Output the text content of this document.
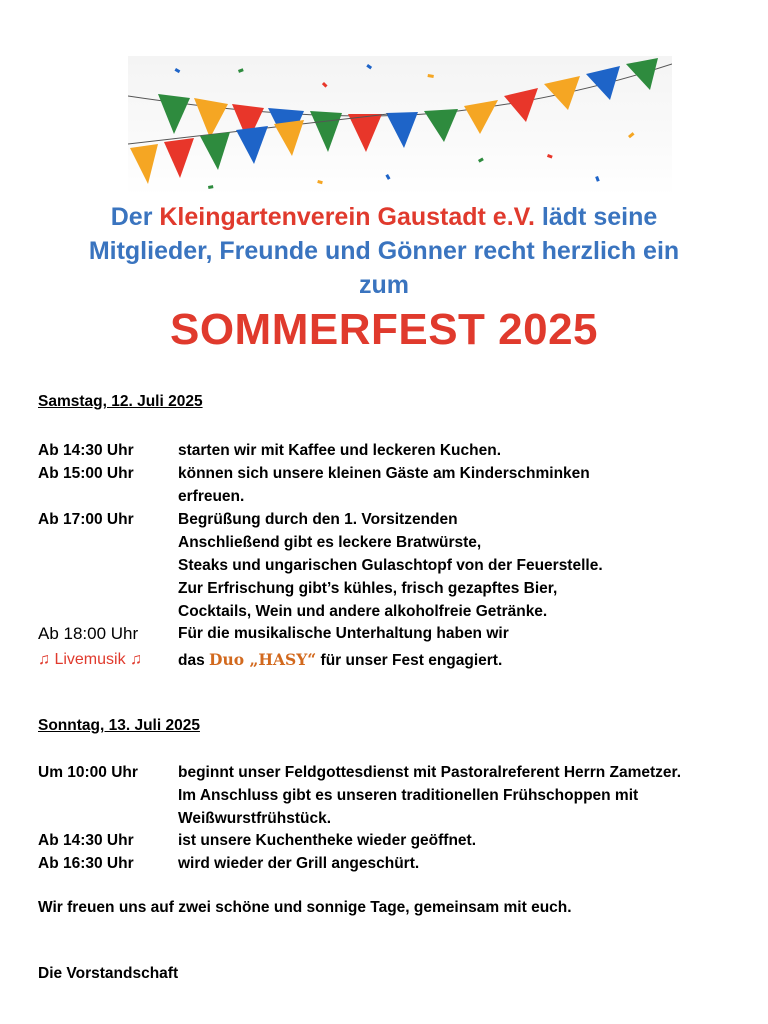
Der Kleingartenverein Gaustadt e.V. lädt seine
Mitglieder, Freunde und Gönner recht herzlich ein
zum
SOMMERFEST 2025
Samstag, 12. Juli 2025
Ab 14:30 Uhr	starten wir mit Kaffee und leckeren Kuchen.
Ab 15:00 Uhr	können sich unsere kleinen Gäste am Kinderschminken
erfreuen.
Ab 17:00 Uhr	Begrüßung durch den 1. Vorsitzenden
Anschließend gibt es leckere Bratwürste,
Steaks und ungarischen Gulaschtopf von der Feuerstelle.
Zur Erfrischung gibt’s kühles, frisch gezapftes Bier,
Cocktails, Wein und andere alkoholfreie Getränke.
Ab 18:00 Uhr	Für die musikalische Unterhaltung haben wir
♫ Livemusik ♫	das Duo „HASY“ für unser Fest engagiert.
Sonntag, 13. Juli 2025
Um 10:00 Uhr	beginnt unser Feldgottesdienst mit Pastoralreferent Herrn Zametzer.
Im Anschluss gibt es unseren traditionellen Frühschoppen mit
Weißwurstfrühstück.
Ab 14:30 Uhr	ist unsere Kuchentheke wieder geöffnet.
Ab 16:30 Uhr	wird wieder der Grill angeschürt.
Wir freuen uns auf zwei schöne und sonnige Tage, gemeinsam mit euch.
Die Vorstandschaft
